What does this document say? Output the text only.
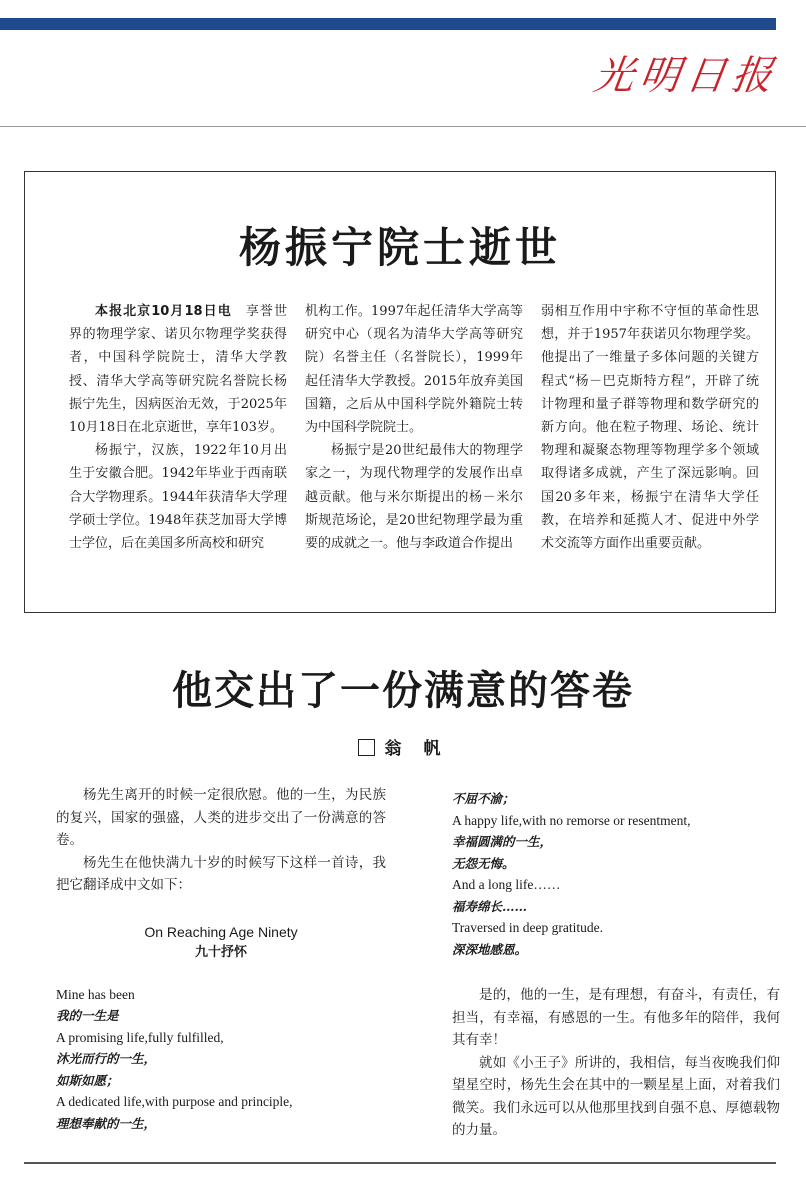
光明日报
杨振宁院士逝世

本报北京10月18日电　 享誉世界的物理学家、诺贝尔物理学奖获得者，中国科学院院士，清华大学教授、清华大学高等研究院名誉院长杨振宁先生，因病医治无效，于2025年10月18日在北京逝世，享年103岁。

杨振宁，汉族，1922年10月出生于安徽合肥。1942年毕业于西南联合大学物理系。1944年获清华大学理学硕士学位。1948年获芝加哥大学博士学位，后在美国多所高校和研究

机构工作。1997年起任清华大学高等研究中心（现名为清华大学高等研究院）名誉主任（名誉院长），1999年起任清华大学教授。2015年放弃美国国籍，之后从中国科学院外籍院士转为中国科学院院士。

杨振宁是20世纪最伟大的物理学家之一，为现代物理学的发展作出卓越贡献。他与米尔斯提出的杨－米尔斯规范场论，是20世纪物理学最为重要的成就之一。他与李政道合作提出

弱相互作用中宇称不守恒的革命性思想，并于1957年获诺贝尔物理学奖。他提出了一维量子多体问题的关键方程式“杨－巴克斯特方程”，开辟了统计物理和量子群等物理和数学研究的新方向。他在粒子物理、场论、统计物理和凝聚态物理等物理学多个领域取得诸多成就，产生了深远影响。回国20多年来，杨振宁在清华大学任教，在培养和延揽人才、促进中外学术交流等方面作出重要贡献。

他交出了一份满意的答卷
翁 帆

杨先生离开的时候一定很欣慰。他的一生，为民族的复兴，国家的强盛，人类的进步交出了一份满意的答卷。

杨先生在他快满九十岁的时候写下这样一首诗，我把它翻译成中文如下：

On Reaching Age Ninety
九十抒怀
Mine has been
我的一生是
A promising life,fully fulfilled,
沐光而行的一生，
如斯如愿；
A dedicated life,with purpose and principle,
理想奉献的一生，
不屈不渝；
A happy life,with no remorse or resentment,
幸福圆满的一生，
无怨无悔。
And a long life……
福寿绵长……
Traversed in deep gratitude.
深深地感恩。

是的，他的一生，是有理想，有奋斗，有责任，有担当，有幸福，有感恩的一生。有他多年的陪伴，我何其有幸！

就如《小王子》所讲的，我相信，每当夜晚我们仰望星空时，杨先生会在其中的一颗星星上面，对着我们微笑。我们永远可以从他那里找到自强不息、厚德载物的力量。
